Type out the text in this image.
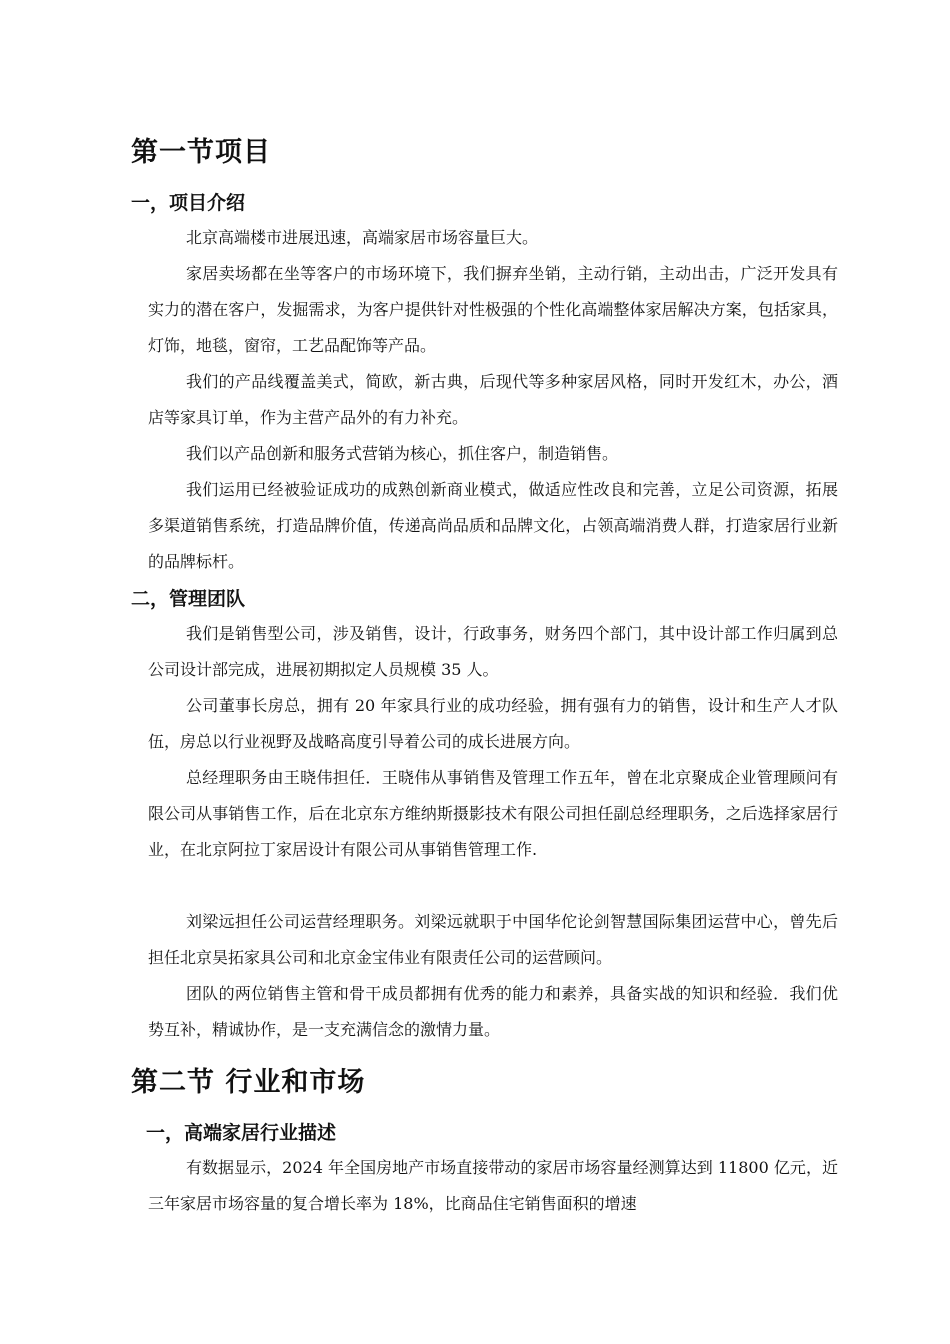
第一节项目
一，项目介绍

北京高端楼市进展迅速，高端家居市场容量巨大。

家居卖场都在坐等客户的市场环境下，我们摒弃坐销，主动行销，主动出击，广泛开发具有实力的潜在客户，发掘需求，为客户提供针对性极强的个性化高端整体家居解决方案，包括家具，灯饰，地毯，窗帘，工艺品配饰等产品。

我们的产品线覆盖美式，简欧，新古典，后现代等多种家居风格，同时开发红木，办公，酒店等家具订单，作为主营产品外的有力补充。

我们以产品创新和服务式营销为核心，抓住客户，制造销售。

我们运用已经被验证成功的成熟创新商业模式，做适应性改良和完善，立足公司资源，拓展多渠道销售系统，打造品牌价值，传递高尚品质和品牌文化，占领高端消费人群，打造家居行业新的品牌标杆。

二，管理团队

我们是销售型公司，涉及销售，设计，行政事务，财务四个部门，其中设计部工作归属到总公司设计部完成，进展初期拟定人员规模 35 人。

公司董事长房总，拥有 20 年家具行业的成功经验，拥有强有力的销售，设计和生产人才队伍，房总以行业视野及战略高度引导着公司的成长进展方向。

总经理职务由王晓伟担任．王晓伟从事销售及管理工作五年，曾在北京聚成企业管理顾问有限公司从事销售工作，后在北京东方维纳斯摄影技术有限公司担任副总经理职务，之后选择家居行业，在北京阿拉丁家居设计有限公司从事销售管理工作.

刘梁远担任公司运营经理职务。刘梁远就职于中国华佗论剑智慧国际集团运营中心，曾先后担任北京昊拓家具公司和北京金宝伟业有限责任公司的运营顾问。

团队的两位销售主管和骨干成员都拥有优秀的能力和素养，具备实战的知识和经验．我们优势互补，精诚协作，是一支充满信念的激情力量。

第二节 行业和市场
一，高端家居行业描述

有数据显示，2024 年全国房地产市场直接带动的家居市场容量经测算达到 11800 亿元，近三年家居市场容量的复合增长率为 18%，比商品住宅销售面积的增速
